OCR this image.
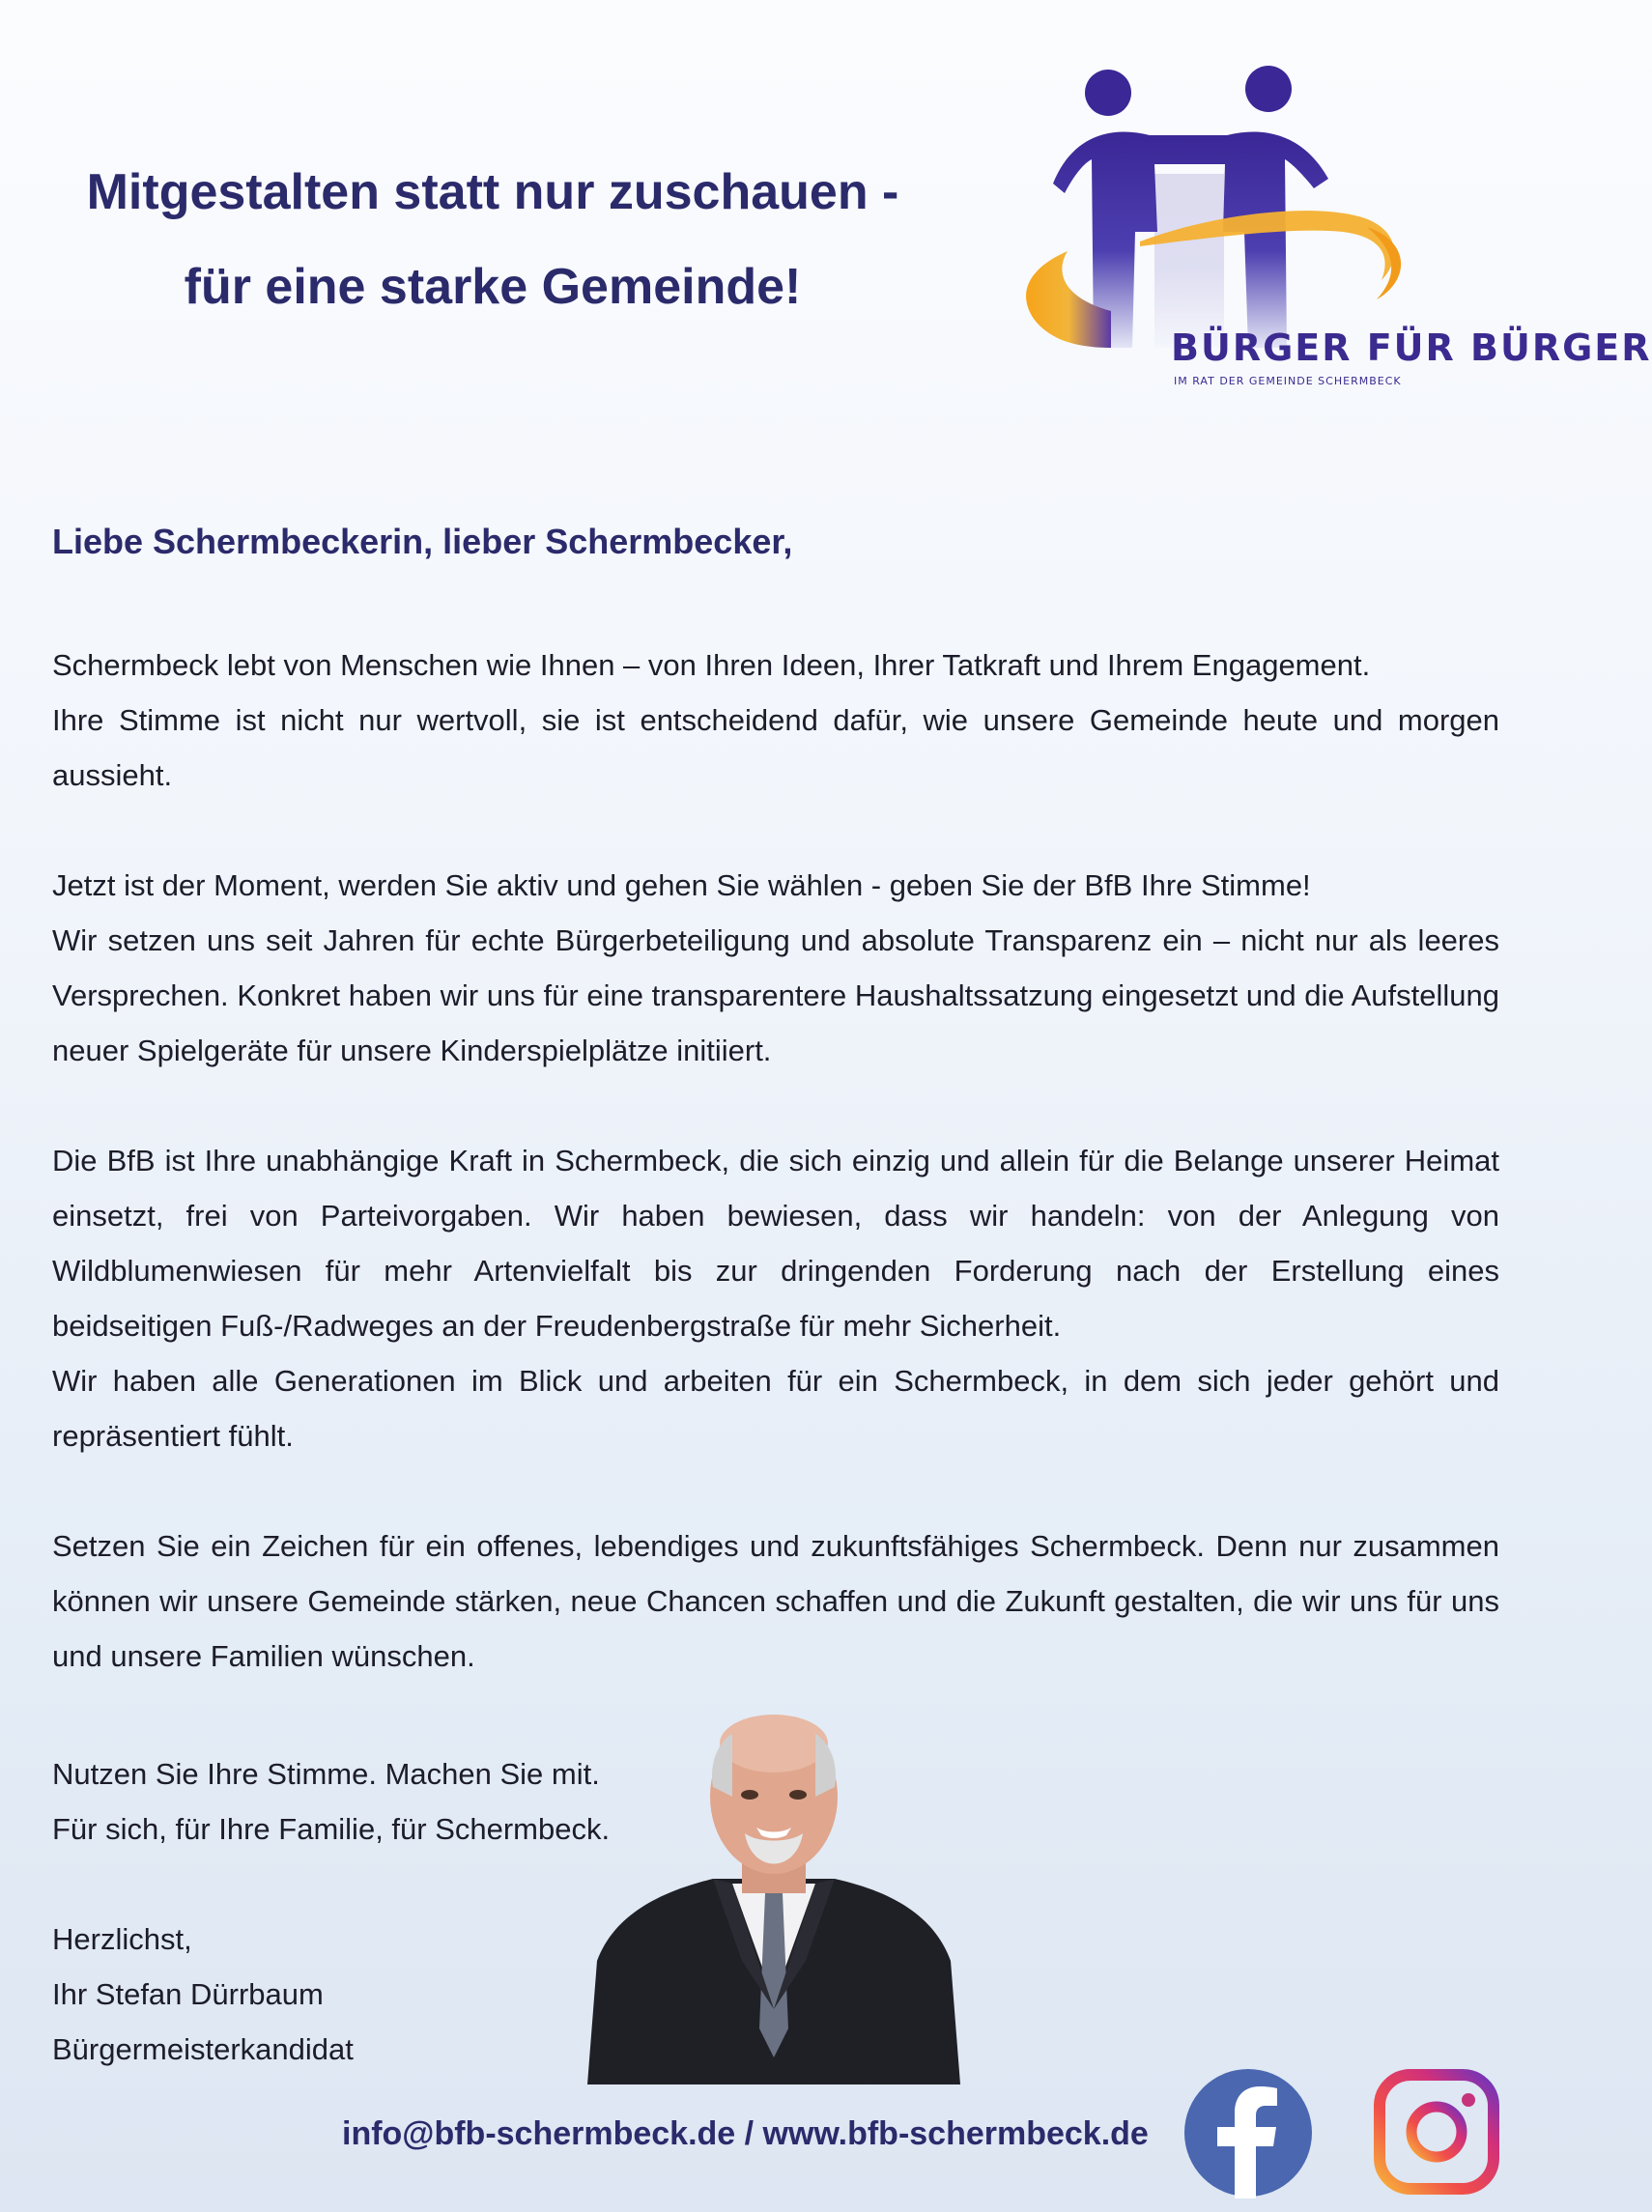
Mitgestalten statt nur zuschauen -
für eine starke Gemeinde!
BÜRGER FÜR BÜRGER
IM RAT DER GEMEINDE SCHERMBECK
Liebe Schermbeckerin, lieber Schermbecker,

Schermbeck lebt von Menschen wie Ihnen – von Ihren Ideen, Ihrer Tatkraft und Ihrem Engagement.
Ihre Stimme ist nicht nur wertvoll, sie ist entscheidend dafür, wie unsere Gemeinde heute und morgen aussieht.

Jetzt ist der Moment, werden Sie aktiv und gehen Sie wählen - geben Sie der BfB Ihre Stimme!
Wir setzen uns seit Jahren für echte Bürgerbeteiligung und absolute Transparenz ein – nicht nur als leeres Versprechen. Konkret haben wir uns für eine transparentere Haushaltssatzung eingesetzt und die Aufstellung neuer Spielgeräte für unsere Kinderspielplätze initiiert.

Die BfB ist Ihre unabhängige Kraft in Schermbeck, die sich einzig und allein für die Belange unserer Heimat einsetzt, frei von Parteivorgaben. Wir haben bewiesen, dass wir handeln: von der Anlegung von Wildblumenwiesen für mehr Artenvielfalt bis zur dringenden Forderung nach der Erstellung eines beidseitigen Fuß-/Radweges an der Freudenbergstraße für mehr Sicherheit.
Wir haben alle Generationen im Blick und arbeiten für ein Schermbeck, in dem sich jeder gehört und repräsentiert fühlt.

Setzen Sie ein Zeichen für ein offenes, lebendiges und zukunftsfähiges Schermbeck. Denn nur zusammen können wir unsere Gemeinde stärken, neue Chancen schaffen und die Zukunft gestalten, die wir uns für uns und unsere Familien wünschen.

Nutzen Sie Ihre Stimme. Machen Sie mit.
Für sich, für Ihre Familie, für Schermbeck.
Herzlichst,
Ihr Stefan Dürrbaum
Bürgermeisterkandidat
info@bfb-schermbeck.de / www.bfb-schermbeck.de
